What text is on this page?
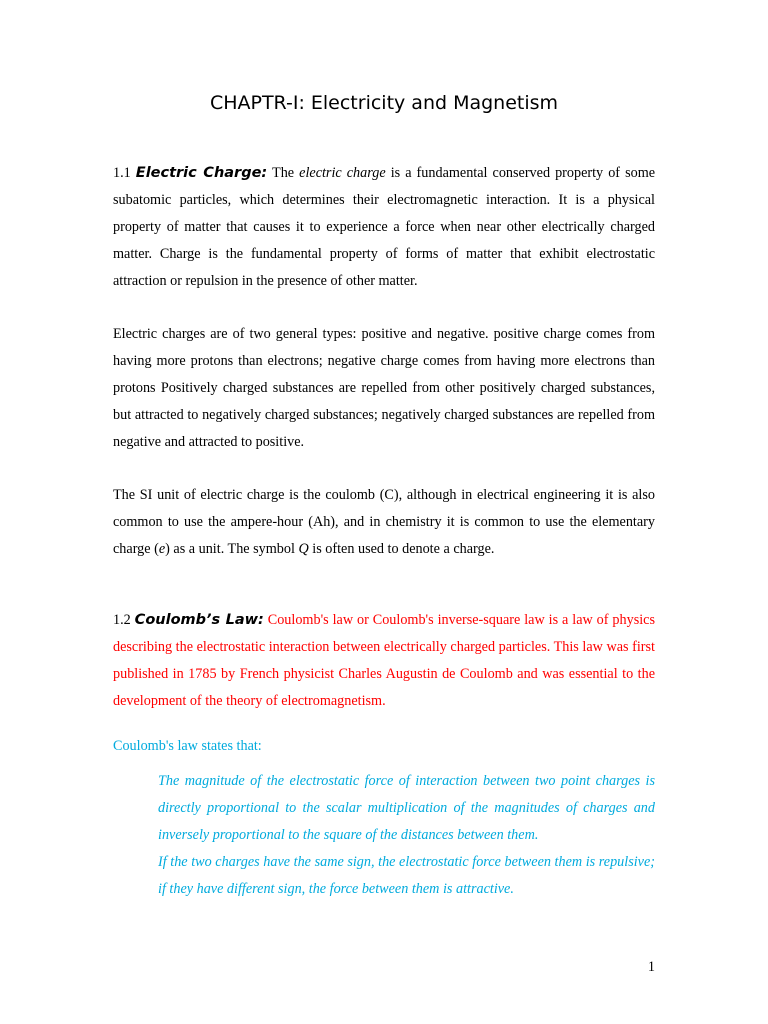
CHAPTR-I: Electricity and Magnetism

1.1 Electric Charge: The electric charge is a fundamental conserved property of some subatomic particles, which determines their electromagnetic interaction. It is a physical property of matter that causes it to experience a force when near other electrically charged matter. Charge is the fundamental property of forms of matter that exhibit electrostatic attraction or repulsion in the presence of other matter.

Electric charges are of two general types: positive and negative. positive charge comes from having more protons than electrons; negative charge comes from having more electrons than protons Positively charged substances are repelled from other positively charged substances, but attracted to negatively charged substances; negatively charged substances are repelled from negative and attracted to positive.

The SI unit of electric charge is the coulomb (C), although in electrical engineering it is also common to use the ampere-hour (Ah), and in chemistry it is common to use the elementary charge (e) as a unit. The symbol Q is often used to denote a charge.

1.2 Coulomb’s Law: Coulomb's law or Coulomb's inverse-square law is a law of physics describing the electrostatic interaction between electrically charged particles. This law was first published in 1785 by French physicist Charles Augustin de Coulomb and was essential to the development of the theory of electromagnetism.

Coulomb's law states that:

The magnitude of the electrostatic force of interaction between two point charges is directly proportional to the scalar multiplication of the magnitudes of charges and inversely proportional to the square of the distances between them.

If the two charges have the same sign, the electrostatic force between them is repulsive; if they have different sign, the force between them is attractive.

1
